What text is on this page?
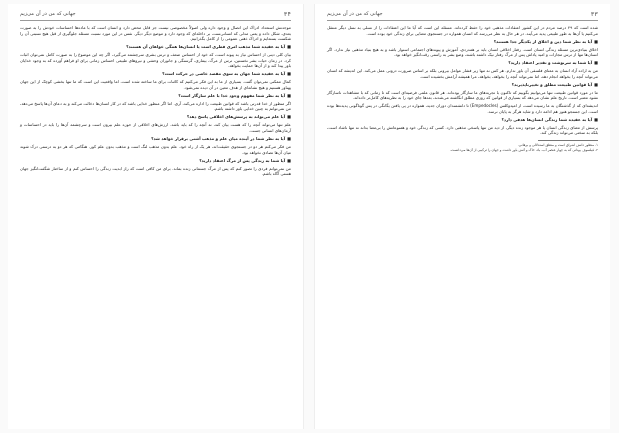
۳۴
جهانی که من در آن می‌زیم

موجدنش استعداد ادراک این اتصال و وجود داره ولی اصولاً مخصوصی نیست جز قابل محض دارد و انسان است که با ماده‌ها احساسات خودش را به صورت بعدی، شکل داده و یعنی مدلی که انسانی‌ست، بر داخله‌ای که وجود دارد و موضع دیگر دیگر. نفس در این مورد نسبت مسئله جلوگیری از قبل هیچ نسبتی آن را شکست بسته‌ایم و ادراک ذهنی عمومی را از کامل بگذرانیم.

■آیا به عقیده شما مذهب امری فطری است یا انسان‌ها همگی خواهان آن هستند؟

بیان کلی دینی از احساس نیاز به پیوند است، که خود از احساس ضعف و ترس بشری سرچشمه می‌گیرد، اگر چه این موضوع را به صورت کامل نمی‌توان اثبات کرد. در زمان حیات بشر نخستین، ترس از مرگ، بیماری، گرسنگی و جانوران وحشی و نیروهای طبیعی احساس زمانی برای او فراهم آورده که به وجود خدایان باور پیدا کند و از آن‌ها حمایت بخواهد.

■آیا به عقیده شما جهان به سوی مقصد خاصی در حرکت است؟

کمال ممکنی نمی‌توان گفت. بسیاری از ما به این فکر می‌کنیم که کائنات برای ما ساخته شده است، اما واقعیت این است که ما تنها بخشی کوچک از این جهان پهناور هستیم و هیچ نشانه‌ای از هدف معین در آن دیده نمی‌شود.

■آیا به نظر شما مفهوم وجود خدا با علم سازگار است؟

اگر منظور از خدا قدرتی باشد که قوانین طبیعت را اداره می‌کند، آری. اما اگر منظور خدایی باشد که در کار انسان‌ها دخالت می‌کند و به دعای آن‌ها پاسخ می‌دهد، من نمی‌توانم به چنین خدایی باور داشته باشم.

■آیا علم می‌تواند به پرسش‌های اخلاقی پاسخ دهد؟

علم تنها می‌تواند آنچه را که هست بیان کند، نه آنچه را که باید باشد. ارزش‌های اخلاقی از حوزه علم بیرون است و سرچشمه آن‌ها را باید در احساسات و آرمان‌های انسانی جست.

■آیا به نظر شما در آینده میان علم و مذهب آشتی برقرار خواهد شد؟

من فکر می‌کنم هر دو در جستجوی حقیقت‌اند، هر یک از راه خود. علم بدون مذهب لنگ است و مذهب بدون علم کور. هنگامی که هر دو به درستی درک شوند میان آن‌ها تضادی نخواهد بود.

■آیا شما به زندگی پس از مرگ اعتقاد دارید؟

من نمی‌توانم فردی را تصور کنم که پس از مرگ جسمانی زنده بماند. برای من کافی است که راز ابدیت زندگی را احساس کنم و از ساختار شگفت‌انگیز جهان هستی آگاه باشم.

۳۳
جهانی که من در آن می‌زیم

شده است که ۴۹ درصد مردم در این کشور اعتقادات مذهبی خود را حفظ کرده‌اند. مسئله این است که آیا ما این اعتقادات را از نسلی به نسل دیگر منتقل می‌کنیم یا آن‌ها به طور طبیعی پدید می‌آیند. در هر حال به نظر می‌رسد که انسان همواره در جستجوی معنایی برای زندگی خود بوده است.

■آیا به نظر شما دین و اخلاق از یکدیگر جدا هستند؟

اخلاق بنیادی‌ترین مسئله زندگی انسان است. رفتار اخلاقی انسان باید بر همدردی، آموزش و پیوندهای اجتماعی استوار باشد و به هیچ بنیاد مذهبی نیاز ندارد. اگر انسان‌ها تنها از ترس مجازات و امید پاداش پس از مرگ رفتار نیک داشته باشند، وضع بشر به راستی رقت‌انگیز خواهد بود.

■آیا شما به سرنوشت و تقدیر اعتقاد دارید؟

من به اراده آزاد انسان به معنای فلسفی آن باور ندارم. هر کس نه تنها زیر فشار عوامل بیرونی بلکه بر اساس ضرورت درونی عمل می‌کند. این اندیشه که انسان می‌تواند آنچه را بخواهد انجام دهد، اما نمی‌تواند آنچه را بخواهد، بخواهد، مرا همیشه آرامش بخشیده است.

■آیا قوانین طبیعت مطلق و تغییرناپذیرند؟

ما در مورد قوانین طبیعت تنها می‌توانیم بگوییم که تاکنون با تجربه‌های ما سازگار بوده‌اند. هر قانون علمی فرضیه‌ای است که تا زمانی که با مشاهدات ناسازگار نشود معتبر است. تاریخ علم نشان می‌دهد که بسیاری از قوانین که روزی مطلق انگاشته می‌شدند، بعدها جای خود را به نظریه‌های کامل‌تر داده‌اند.

اندیشه‌ای که از گذشتگان به ما رسیده است، از امپدوکلس (Empedocles) تا دانشمندان دوران جدید، همواره در پی یافتن یگانگی در پس گوناگونی پدیده‌ها بوده است. این جستجو هنوز هم ادامه دارد و شاید هرگز به پایان نرسد.

■آیا به عقیده شما زندگی انسان‌ها هدفی دارد؟

پرسش از معنای زندگی انسان یا هر موجود زنده دیگر، از دید من تنها پاسخی مذهبی دارد. کسی که زندگی خود و همنوعانش را بی‌معنا بداند نه تنها ناشاد است، بلکه به سختی می‌تواند زندگی کند.

۱. منظور دانش اشراق است و منطق استدلالی و برهانی.
۲. فیلسوف یونانی که به چهار عنصر آب، باد، خاک و آتش باور داشت و جهان را ترکیبی از آن‌ها می‌دانست.
